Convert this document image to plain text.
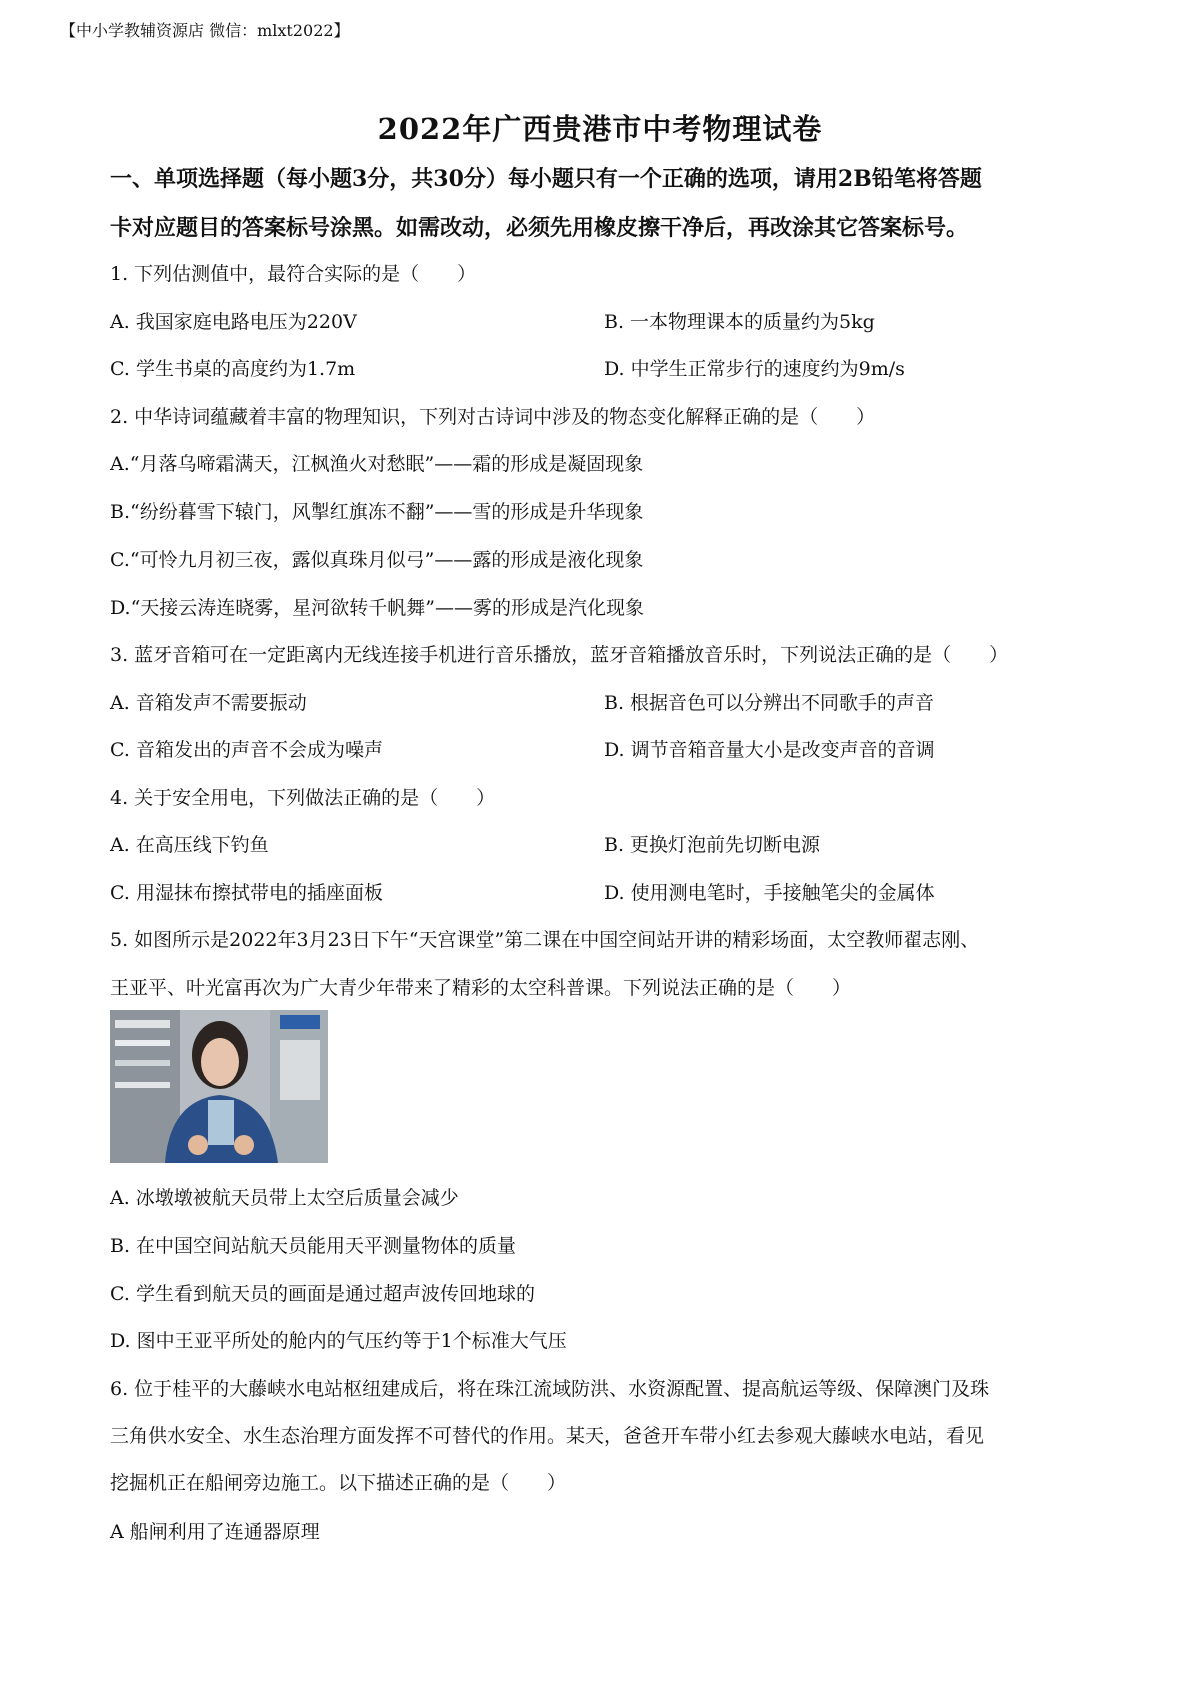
【中小学教辅资源店 微信：mlxt2022】
2022年广西贵港市中考物理试卷
一、单项选择题（每小题3分，共30分）每小题只有一个正确的选项，请用2B铅笔将答题
卡对应题目的答案标号涂黑。如需改动，必须先用橡皮擦干净后，再改涂其它答案标号。
1. 下列估测值中，最符合实际的是（　　）
A. 我国家庭电路电压为220V	B. 一本物理课本的质量约为5kg
C. 学生书桌的高度约为1.7m	D. 中学生正常步行的速度约为9m/s
2. 中华诗词蕴藏着丰富的物理知识，下列对古诗词中涉及的物态变化解释正确的是（　　）
A.“月落乌啼霜满天，江枫渔火对愁眠”——霜的形成是凝固现象
B.“纷纷暮雪下辕门，风掣红旗冻不翻”——雪的形成是升华现象
C.“可怜九月初三夜，露似真珠月似弓”——露的形成是液化现象
D.“天接云涛连晓雾，星河欲转千帆舞”——雾的形成是汽化现象
3. 蓝牙音箱可在一定距离内无线连接手机进行音乐播放，蓝牙音箱播放音乐时，下列说法正确的是（　　）
A. 音箱发声不需要振动	B. 根据音色可以分辨出不同歌手的声音
C. 音箱发出的声音不会成为噪声	D. 调节音箱音量大小是改变声音的音调
4. 关于安全用电，下列做法正确的是（　　）
A. 在高压线下钓鱼	B. 更换灯泡前先切断电源
C. 用湿抹布擦拭带电的插座面板	D. 使用测电笔时，手接触笔尖的金属体
5. 如图所示是2022年3月23日下午“天宫课堂”第二课在中国空间站开讲的精彩场面，太空教师翟志刚、
王亚平、叶光富再次为广大青少年带来了精彩的太空科普课。下列说法正确的是（　　）
A. 冰墩墩被航天员带上太空后质量会减少
B. 在中国空间站航天员能用天平测量物体的质量
C. 学生看到航天员的画面是通过超声波传回地球的
D. 图中王亚平所处的舱内的气压约等于1个标准大气压
6. 位于桂平的大藤峡水电站枢纽建成后，将在珠江流域防洪、水资源配置、提高航运等级、保障澳门及珠
三角供水安全、水生态治理方面发挥不可替代的作用。某天，爸爸开车带小红去参观大藤峡水电站，看见
挖掘机正在船闸旁边施工。以下描述正确的是（　　）
A 船闸利用了连通器原理
